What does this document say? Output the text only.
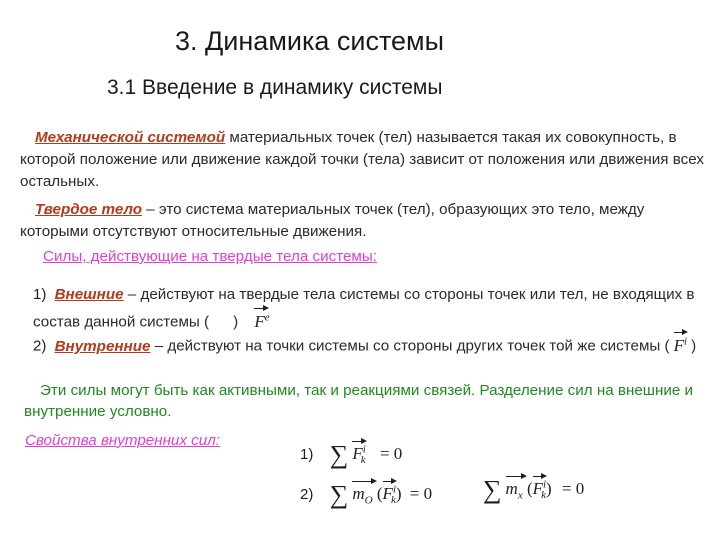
3. Динамика системы
3.1 Введение в динамику системы
Механической системой материальных точек (тел) называется такая их совокупность, в которой положение или движение каждой точки (тела) зависит от положения или движения всех остальных.
Твердое тело – это система материальных точек (тел), образующих это тело, между которыми отсутствуют относительные движения.
Силы, действующие на твердые тела системы:
1) Внешние – действуют на твердые тела системы со стороны точек или тел, не входящих в состав данной системы ( ) $F^e$
2) Внутренние – действуют на точки системы со стороны других точек той же системы ( $F^i$ )
Эти силы могут быть как активными, так и реакциями связей. Разделение сил на внешние и внутренние условно.
Свойства внутренних сил:
1) ∑ $F^i_k = 0$
2) ∑ $m_O$ $(F^i_k) = 0$ ∑ $m_x$ $(F^i_k) = 0$
